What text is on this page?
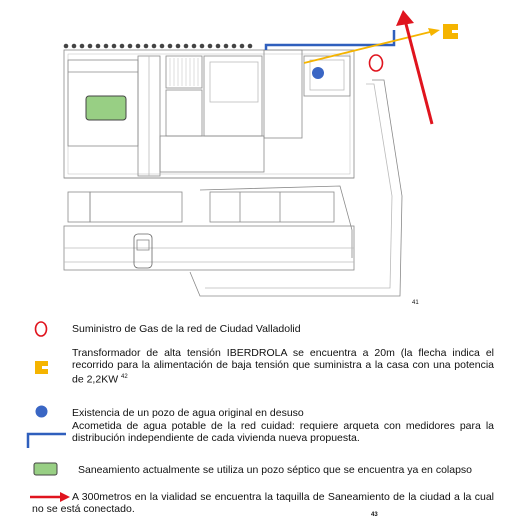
41
Suministro de Gas de la red de Ciudad Valladolid
Transformador de alta tensión IBERDROLA se encuentra a 20m (la flecha indica el recorrido para la alimentación de baja tensión que suministra a la casa con una potencia de 2,2KW $^{42}$
Existencia de un pozo de agua original en desuso
Acometida de agua potable de la red cuidad: requiere arqueta con medidores para la distribución independiente de cada vivienda nueva propuesta.
Saneamiento actualmente se utiliza un pozo séptico que se encuentra ya en colapso
A 300metros en la vialidad se encuentra la taquilla de Saneamiento de la ciudad a la cual no se está conectado.	43
